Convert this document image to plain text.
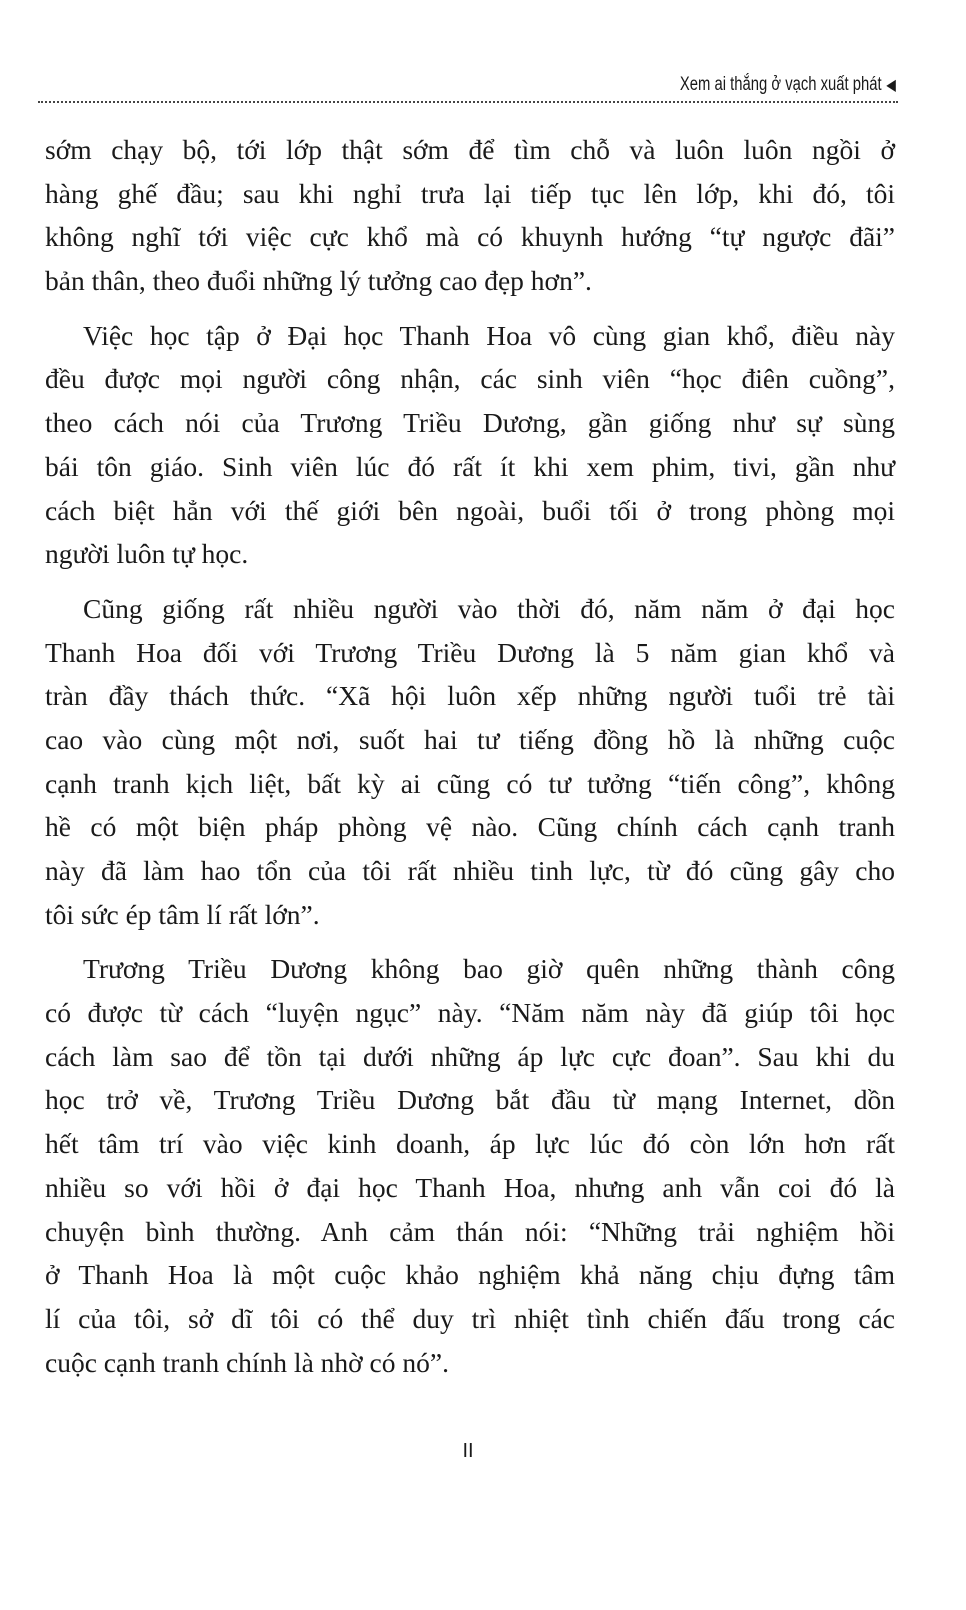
Xem ai thắng ở vạch xuất phát ◀
sớm chạy bộ, tới lớp thật sớm để tìm chỗ và luôn luôn ngồi ở
hàng ghế đầu; sau khi nghỉ trưa lại tiếp tục lên lớp, khi đó, tôi
không nghĩ tới việc cực khổ mà có khuynh hướng “tự ngược đãi”
bản thân, theo đuổi những lý tưởng cao đẹp hơn”.
Việc học tập ở Đại học Thanh Hoa vô cùng gian khổ, điều này
đều được mọi người công nhận, các sinh viên “học điên cuồng”,
theo cách nói của Trương Triều Dương, gần giống như sự sùng
bái tôn giáo. Sinh viên lúc đó rất ít khi xem phim, tivi, gần như
cách biệt hẳn với thế giới bên ngoài, buổi tối ở trong phòng mọi
người luôn tự học.
Cũng giống rất nhiều người vào thời đó, năm năm ở đại học
Thanh Hoa đối với Trương Triều Dương là 5 năm gian khổ và
tràn đầy thách thức. “Xã hội luôn xếp những người tuổi trẻ tài
cao vào cùng một nơi, suốt hai tư tiếng đồng hồ là những cuộc
cạnh tranh kịch liệt, bất kỳ ai cũng có tư tưởng “tiến công”, không
hề có một biện pháp phòng vệ nào. Cũng chính cách cạnh tranh
này đã làm hao tổn của tôi rất nhiều tinh lực, từ đó cũng gây cho
tôi sức ép tâm lí rất lớn”.
Trương Triều Dương không bao giờ quên những thành công
có được từ cách “luyện ngục” này. “Năm năm này đã giúp tôi học
cách làm sao để tồn tại dưới những áp lực cực đoan”. Sau khi du
học trở về, Trương Triều Dương bắt đầu từ mạng Internet, dồn
hết tâm trí vào việc kinh doanh, áp lực lúc đó còn lớn hơn rất
nhiều so với hồi ở đại học Thanh Hoa, nhưng anh vẫn coi đó là
chuyện bình thường. Anh cảm thán nói: “Những trải nghiệm hồi
ở Thanh Hoa là một cuộc khảo nghiệm khả năng chịu đựng tâm
lí của tôi, sở dĩ tôi có thể duy trì nhiệt tình chiến đấu trong các
cuộc cạnh tranh chính là nhờ có nó”.
II
